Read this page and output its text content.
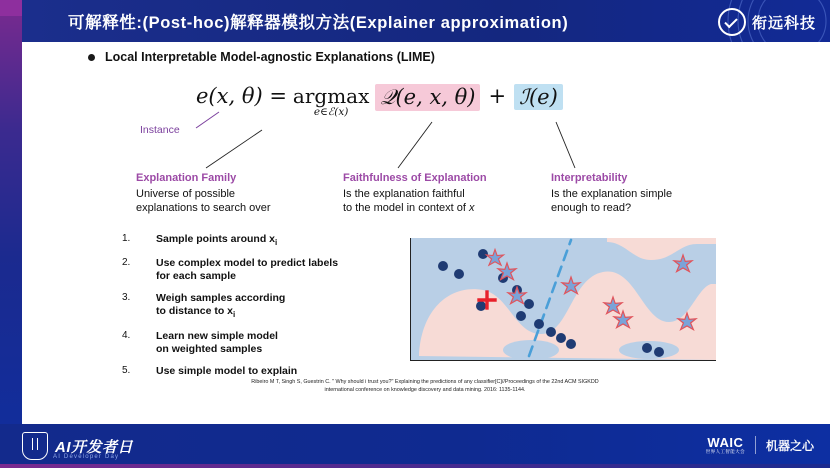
可解释性:(Post-hoc)解释器模拟方法(Explainer approximation)	衔远科技
Local Interpretable Model-agnostic Explanations (LIME)
e(x, θ) = argmax
e∈ℰ(x)
𝒬(e, x, θ) + ℐ(e)
Instance
Explanation Family
Universe of possible
explanations to search over
Faithfulness of Explanation
Is the explanation faithful
to the model in context of x
Interpretability
Is the explanation simple
enough to read?
1.	Sample points around $x_i$
2.	Use complex model to predict labels
for each sample
3.	Weigh samples according
to distance to $x_i$
4.	Learn new simple model
on weighted samples
5.	Use simple model to explain
Ribeiro M T, Singh S, Guestrin C. " Why should i trust you?" Explaining the predictions of any classifier[C]//Proceedings of the 22nd ACM SIGKDD
international conference on knowledge discovery and data mining. 2016: 1135-1144.
AI开发者日
AI Developer Day
WAIC
世界人工智能大会 机器之心
